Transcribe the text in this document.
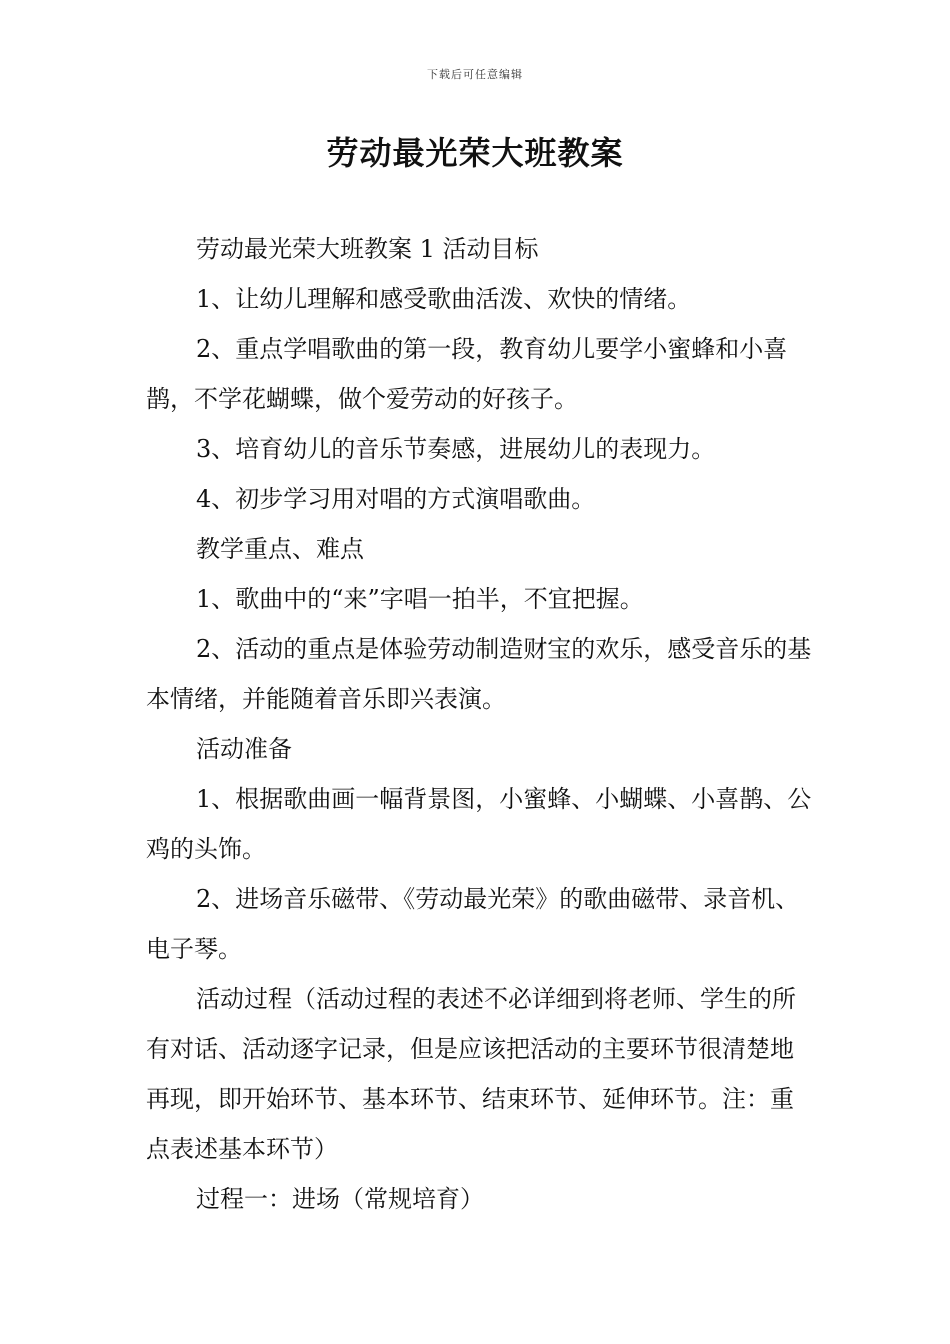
下载后可任意编辑
劳动最光荣大班教案

劳动最光荣大班教案 1 活动目标

1、让幼儿理解和感受歌曲活泼、欢快的情绪。

2、重点学唱歌曲的第一段，教育幼儿要学小蜜蜂和小喜鹊，不学花蝴蝶，做个爱劳动的好孩子。

3、培育幼儿的音乐节奏感，进展幼儿的表现力。

4、初步学习用对唱的方式演唱歌曲。

教学重点、难点

1、歌曲中的“来”字唱一拍半，不宜把握。

2、活动的重点是体验劳动制造财宝的欢乐，感受音乐的基本情绪，并能随着音乐即兴表演。

活动准备

1、根据歌曲画一幅背景图，小蜜蜂、小蝴蝶、小喜鹊、公鸡的头饰。

2、进场音乐磁带、《劳动最光荣》的歌曲磁带、录音机、电子琴。

活动过程（活动过程的表述不必详细到将老师、学生的所有对话、活动逐字记录，但是应该把活动的主要环节很清楚地再现，即开始环节、基本环节、结束环节、延伸环节。注：重点表述基本环节）

过程一：进场（常规培育）
